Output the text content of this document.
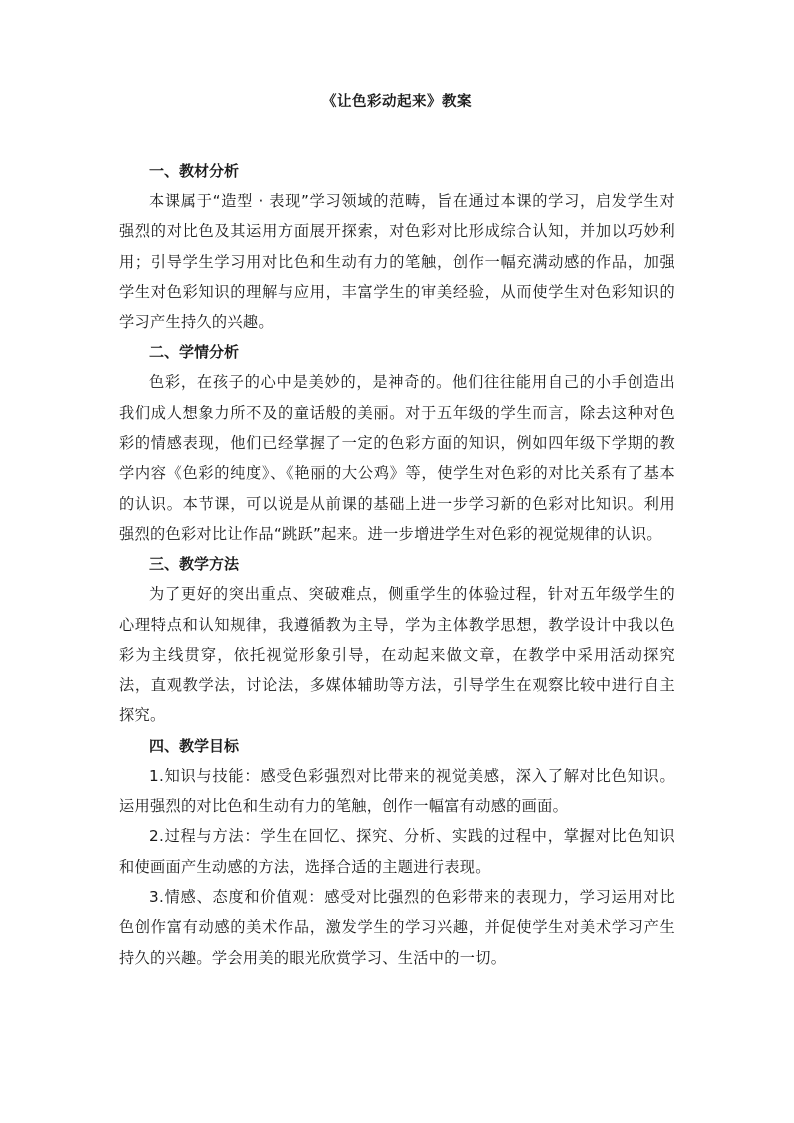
《让色彩动起来》教案

一、教材分析

本课属于“造型 · 表现”学习领域的范畴，旨在通过本课的学习，启发学生对强烈的对比色及其运用方面展开探索，对色彩对比形成综合认知，并加以巧妙利用；引导学生学习用对比色和生动有力的笔触，创作一幅充满动感的作品，加强学生对色彩知识的理解与应用，丰富学生的审美经验，从而使学生对色彩知识的学习产生持久的兴趣。

二、学情分析

色彩，在孩子的心中是美妙的，是神奇的。他们往往能用自己的小手创造出我们成人想象力所不及的童话般的美丽。对于五年级的学生而言，除去这种对色彩的情感表现，他们已经掌握了一定的色彩方面的知识，例如四年级下学期的教学内容《色彩的纯度》、《艳丽的大公鸡》等，使学生对色彩的对比关系有了基本的认识。本节课，可以说是从前课的基础上进一步学习新的色彩对比知识。利用强烈的色彩对比让作品“跳跃”起来。进一步增进学生对色彩的视觉规律的认识。

三、教学方法

为了更好的突出重点、突破难点，侧重学生的体验过程，针对五年级学生的心理特点和认知规律，我遵循教为主导，学为主体教学思想，教学设计中我以色彩为主线贯穿，依托视觉形象引导，在动起来做文章，在教学中采用活动探究法，直观教学法，讨论法，多媒体辅助等方法，引导学生在观察比较中进行自主探究。

四、教学目标

1.知识与技能：感受色彩强烈对比带来的视觉美感，深入了解对比色知识。运用强烈的对比色和生动有力的笔触，创作一幅富有动感的画面。

2.过程与方法：学生在回忆、探究、分析、实践的过程中，掌握对比色知识和使画面产生动感的方法，选择合适的主题进行表现。

3.情感、态度和价值观：感受对比强烈的色彩带来的表现力，学习运用对比色创作富有动感的美术作品，激发学生的学习兴趣，并促使学生对美术学习产生持久的兴趣。学会用美的眼光欣赏学习、生活中的一切。
